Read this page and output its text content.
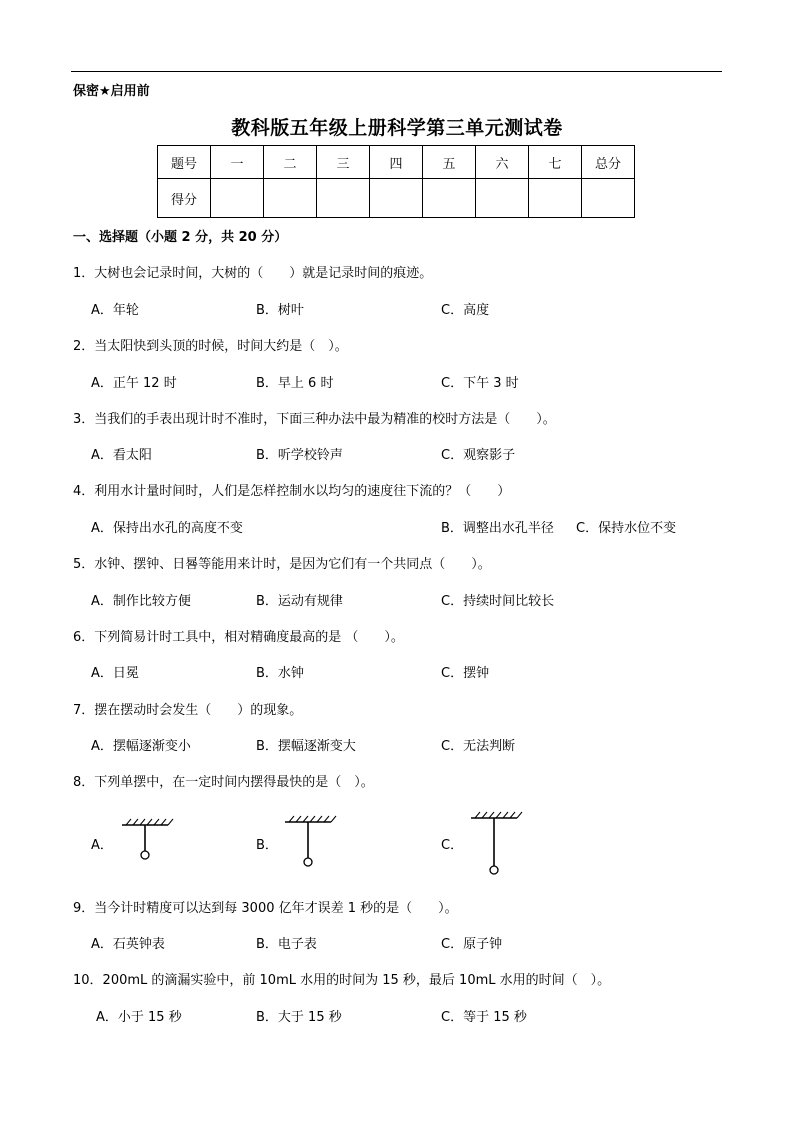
保密★启用前
教科版五年级上册科学第三单元测试卷
题号	一	二	三	四	五	六	七	总分
得分								
一、选择题（小题 2 分，共 20 分）
1．大树也会记录时间，大树的（　　）就是记录时间的痕迹。
A．年轮	B．树叶	C．高度
2．当太阳快到头顶的时候，时间大约是（　）。
A．正午 12 时	B．早上 6 时	C．下午 3 时
3．当我们的手表出现计时不准时，下面三种办法中最为精准的校时方法是（　　）。
A．看太阳	B．听学校铃声	C．观察影子
4．利用水计量时间时，人们是怎样控制水以均匀的速度往下流的？（　　）
A．保持出水孔的高度不变	B．调整出水孔半径 C．保持水位不变
5．水钟、摆钟、日晷等能用来计时，是因为它们有一个共同点（　　）。
A．制作比较方便	B．运动有规律	C．持续时间比较长
6．下列简易计时工具中，相对精确度最高的是 （　　）。
A．日冕	B．水钟	C．摆钟
7．摆在摆动时会发生（　　）的现象。
A．摆幅逐渐变小	B．摆幅逐渐变大	C．无法判断
8．下列单摆中，在一定时间内摆得最快的是（　）。
A．	B．	C．
9．当今计时精度可以达到每 3000 亿年才误差 1 秒的是（　　）。
A．石英钟表	B．电子表	C．原子钟
10．200mL 的滴漏实验中，前 10mL 水用的时间为 15 秒，最后 10mL 水用的时间（　）。
A．小于 15 秒	B．大于 15 秒	C．等于 15 秒
